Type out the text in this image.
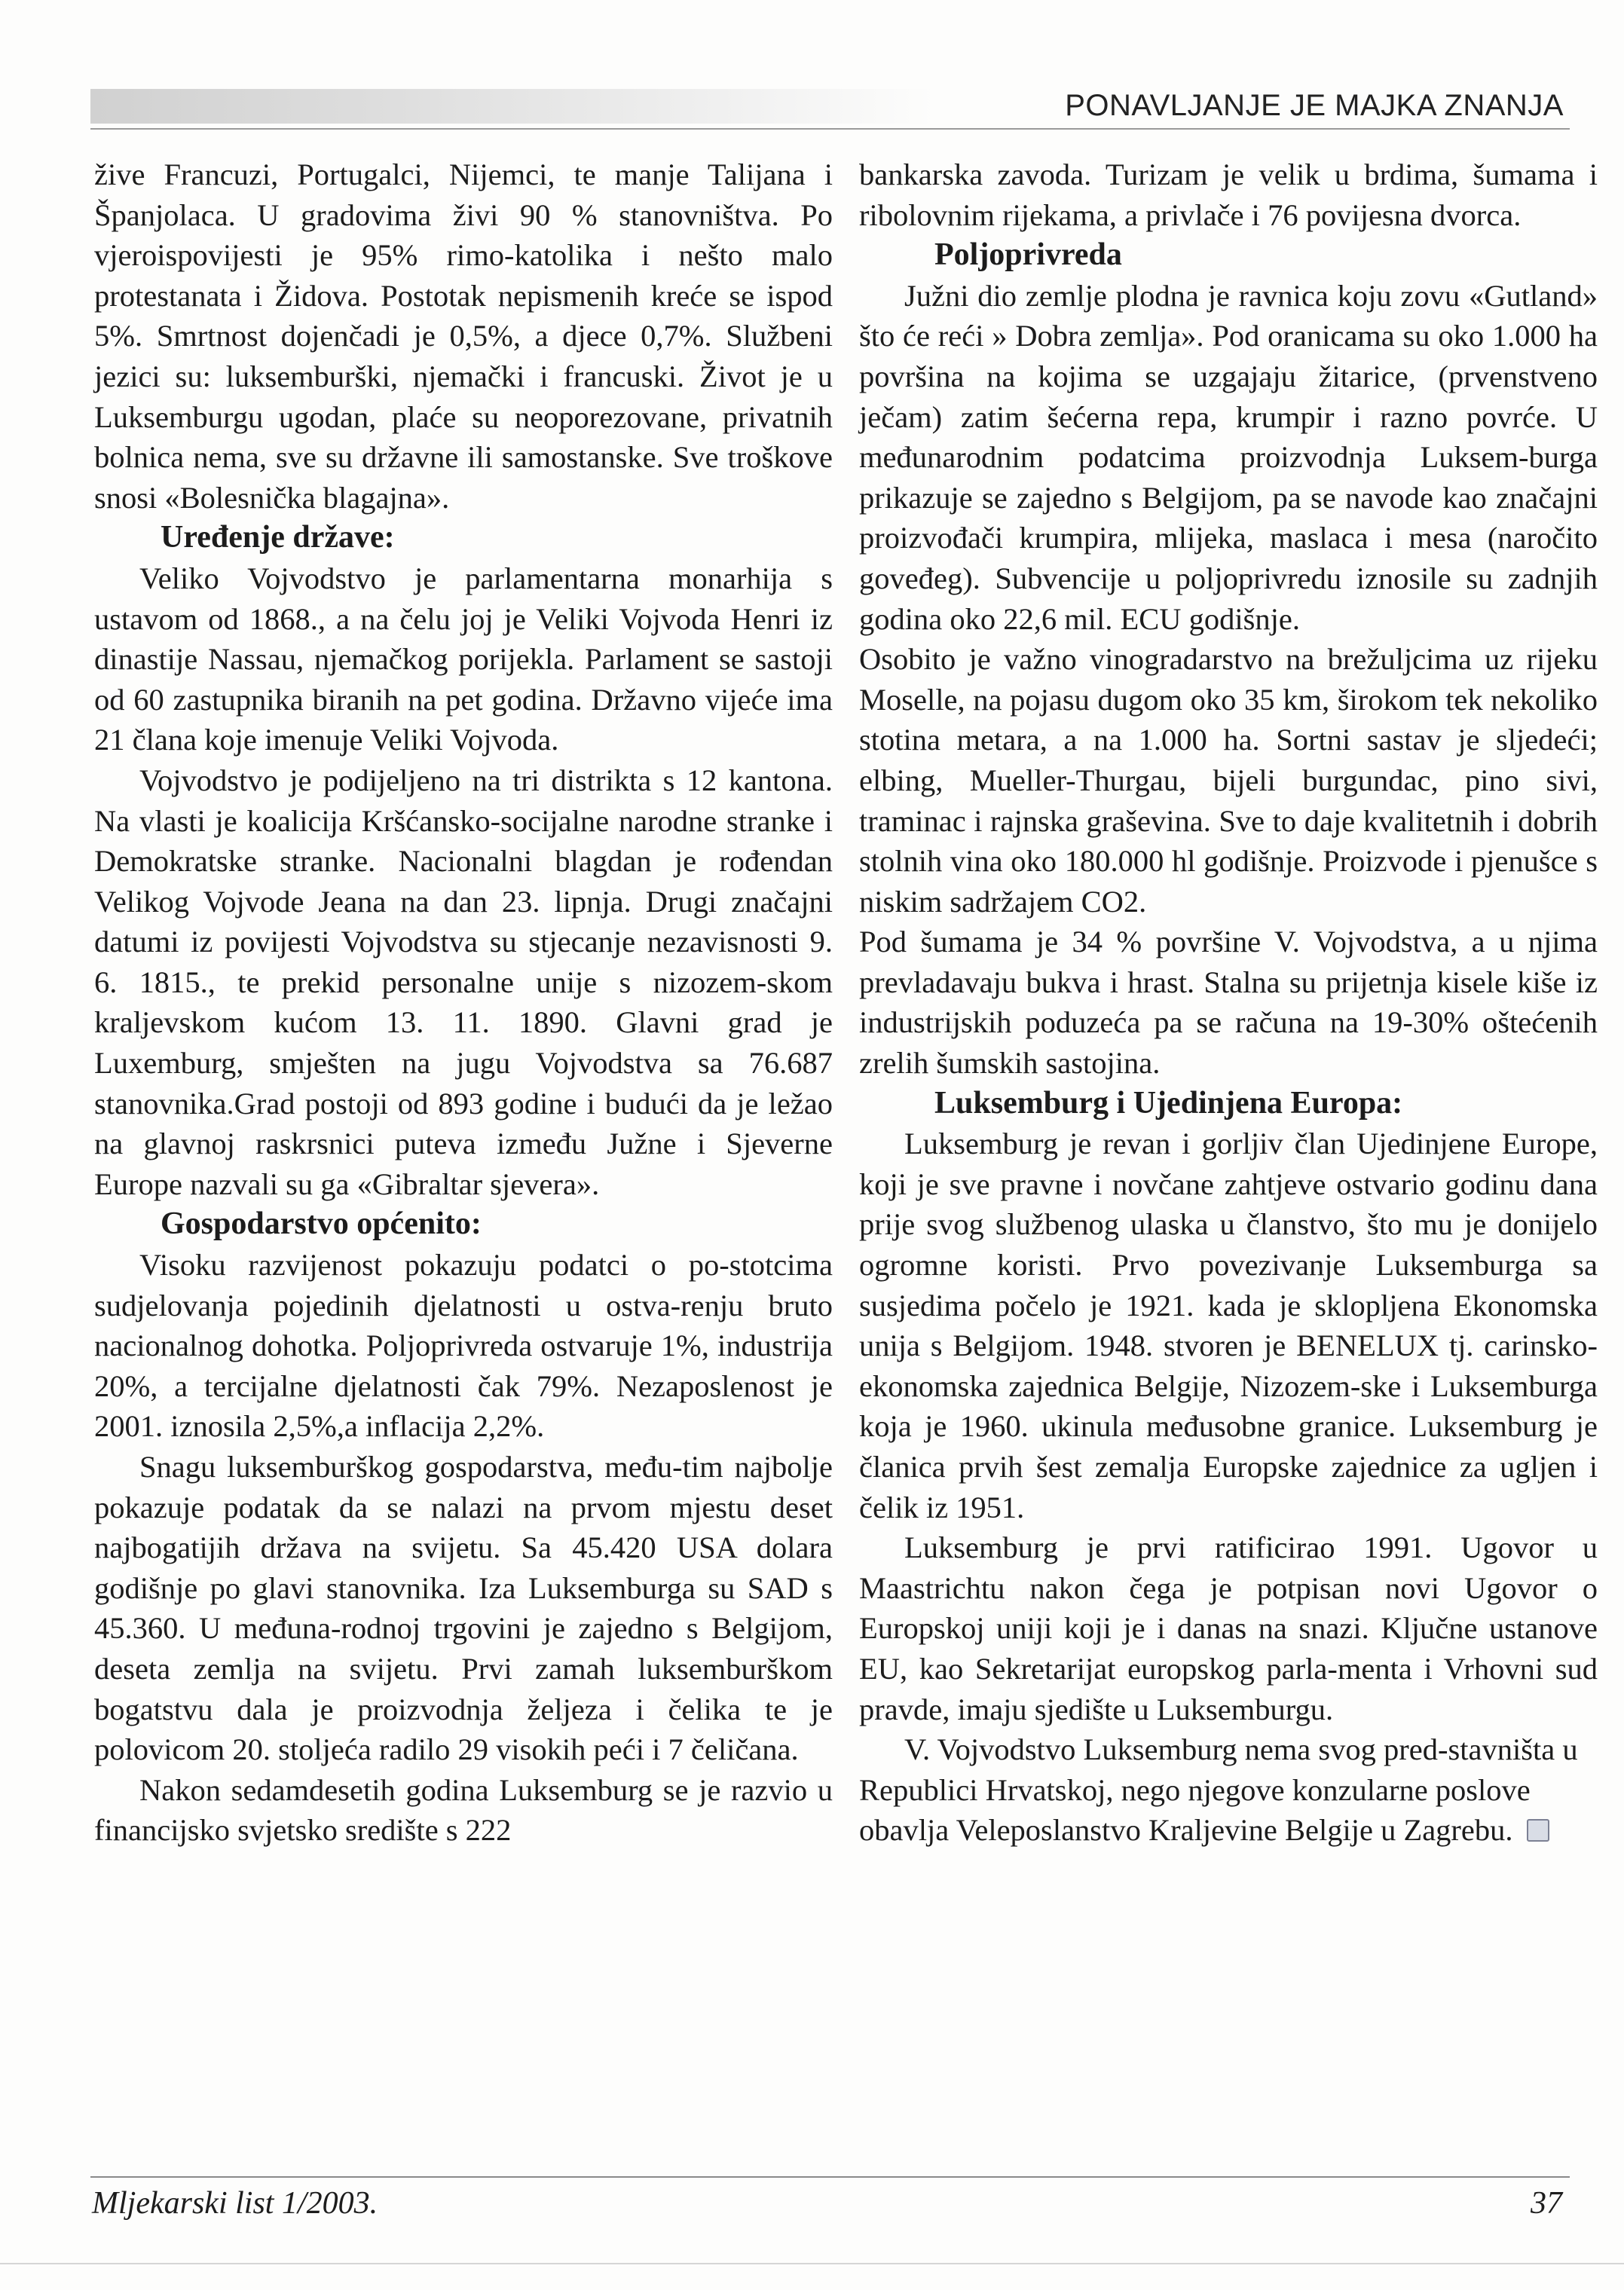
PONAVLJANJE JE MAJKA ZNANJA

žive Francuzi, Portugalci, Nijemci, te manje Talijana i Španjolaca. U gradovima živi 90 % stanovništva. Po vjeroispovijesti je 95% rimo-katolika i nešto malo protestanata i Židova. Postotak nepismenih kreće se ispod 5%. Smrtnost dojenčadi je 0,5%, a djece 0,7%. Službeni jezici su: luksemburški, njemački i francuski. Život je u Luksemburgu ugodan, plaće su neoporezovane, privatnih bolnica nema, sve su državne ili samostanske. Sve troškove snosi «Bolesnička blagajna».

Uređenje države:

Veliko Vojvodstvo je parlamentarna monarhija s ustavom od 1868., a na čelu joj je Veliki Vojvoda Henri iz dinastije Nassau, njemačkog porijekla. Parlament se sastoji od 60 zastupnika biranih na pet godina. Državno vijeće ima 21 člana koje imenuje Veliki Vojvoda.

Vojvodstvo je podijeljeno na tri distrikta s 12 kantona. Na vlasti je koalicija Kršćansko-socijalne narodne stranke i Demokratske stranke. Nacionalni blagdan je rođendan Velikog Vojvode Jeana na dan 23. lipnja. Drugi značajni datumi iz povijesti Vojvodstva su stjecanje nezavisnosti 9. 6. 1815., te prekid personalne unije s nizozem-skom kraljevskom kućom 13. 11. 1890. Glavni grad je Luxemburg, smješten na jugu Vojvodstva sa 76.687 stanovnika.Grad postoji od 893 godine i budući da je ležao na glavnoj raskrsnici puteva između Južne i Sjeverne Europe nazvali su ga «Gibraltar sjevera».

Gospodarstvo općenito:

Visoku razvijenost pokazuju podatci o po-stotcima sudjelovanja pojedinih djelatnosti u ostva-renju bruto nacionalnog dohotka. Poljoprivreda ostvaruje 1%, industrija 20%, a tercijalne djelatnosti čak 79%. Nezaposlenost je 2001. iznosila 2,5%,a inflacija 2,2%.

Snagu luksemburškog gospodarstva, među-tim najbolje pokazuje podatak da se nalazi na prvom mjestu deset najbogatijih država na svijetu. Sa 45.420 USA dolara godišnje po glavi stanovnika. Iza Luksemburga su SAD s 45.360. U međuna-rodnoj trgovini je zajedno s Belgijom, deseta zemlja na svijetu. Prvi zamah luksemburškom bogatstvu dala je proizvodnja željeza i čelika te je polovicom 20. stoljeća radilo 29 visokih peći i 7 čeličana.

Nakon sedamdesetih godina Luksemburg se je razvio u financijsko svjetsko središte s 222

bankarska zavoda. Turizam je velik u brdima, šumama i ribolovnim rijekama, a privlače i 76 povijesna dvorca.

Poljoprivreda

Južni dio zemlje plodna je ravnica koju zovu «Gutland» što će reći » Dobra zemlja». Pod oranicama su oko 1.000 ha površina na kojima se uzgajaju žitarice, (prvenstveno ječam) zatim šećerna repa, krumpir i razno povrće. U međunarodnim podatcima proizvodnja Luksem-burga prikazuje se zajedno s Belgijom, pa se navode kao značajni proizvođači krumpira, mlijeka, maslaca i mesa (naročito goveđeg). Subvencije u poljoprivredu iznosile su zadnjih godina oko 22,6 mil. ECU godišnje.

Osobito je važno vinogradarstvo na brežuljcima uz rijeku Moselle, na pojasu dugom oko 35 km, širokom tek nekoliko stotina metara, a na 1.000 ha. Sortni sastav je sljedeći; elbing, Mueller-Thurgau, bijeli burgundac, pino sivi, traminac i rajnska graševina. Sve to daje kvalitetnih i dobrih stolnih vina oko 180.000 hl godišnje. Proizvode i pjenušce s niskim sadržajem CO2.

Pod šumama je 34 % površine V. Vojvodstva, a u njima prevladavaju bukva i hrast. Stalna su prijetnja kisele kiše iz industrijskih poduzeća pa se računa na 19-30% oštećenih zrelih šumskih sastojina.

Luksemburg i Ujedinjena Europa:

Luksemburg je revan i gorljiv član Ujedinjene Europe, koji je sve pravne i novčane zahtjeve ostvario godinu dana prije svog službenog ulaska u članstvo, što mu je donijelo ogromne koristi. Prvo povezivanje Luksemburga sa susjedima počelo je 1921. kada je sklopljena Ekonomska unija s Belgijom. 1948. stvoren je BENELUX tj. carinsko-ekonomska zajednica Belgije, Nizozem-ske i Luksemburga koja je 1960. ukinula međusobne granice. Luksemburg je članica prvih šest zemalja Europske zajednice za ugljen i čelik iz 1951.

Luksemburg je prvi ratificirao 1991. Ugovor u Maastrichtu nakon čega je potpisan novi Ugovor o Europskoj uniji koji je i danas na snazi. Ključne ustanove EU, kao Sekretarijat europskog parla-menta i Vrhovni sud pravde, imaju sjedište u Luksemburgu.

V. Vojvodstvo Luksemburg nema svog pred-stavništa u Republici Hrvatskoj, nego njegove konzularne poslove obavlja Veleposlanstvo Kraljevine Belgije u Zagrebu.

Mljekarski list 1/2003.	37
